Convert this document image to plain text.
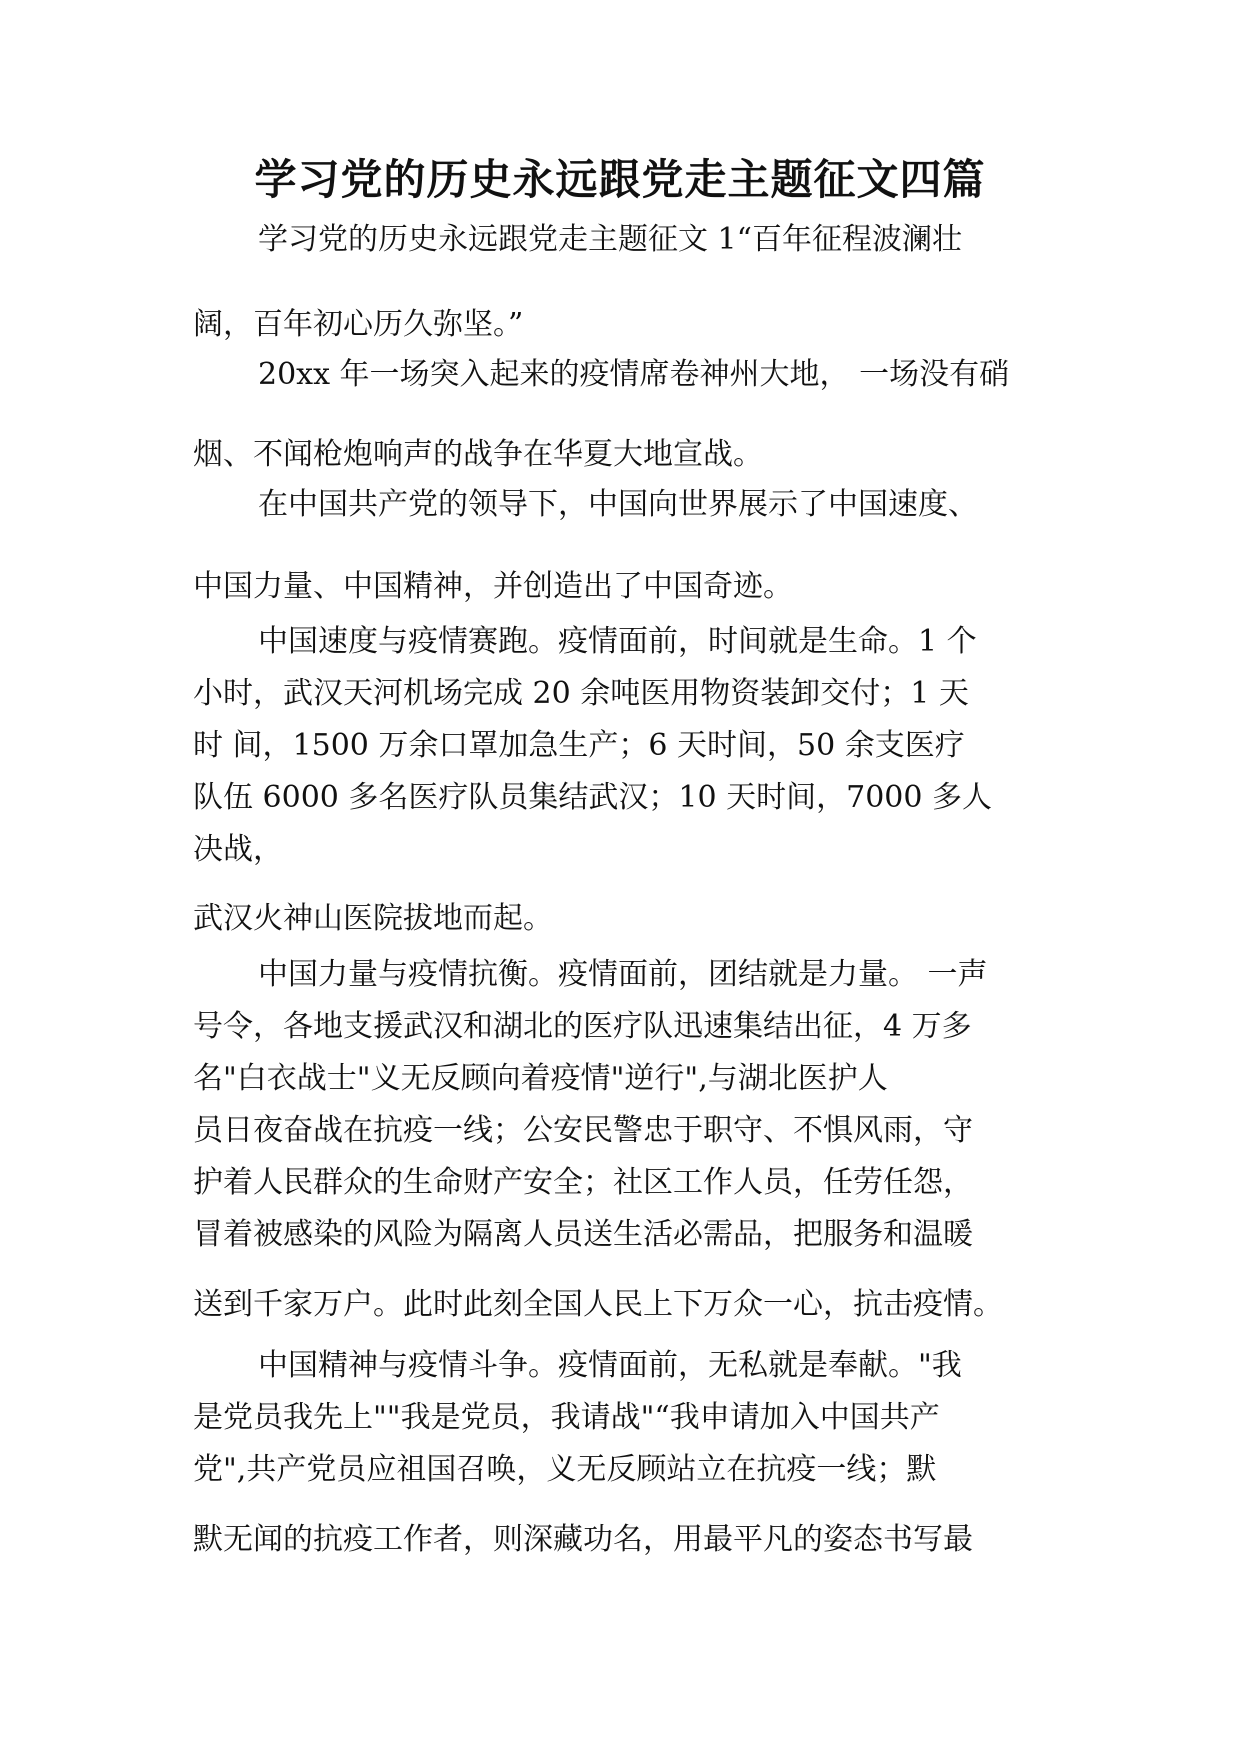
学习党的历史永远跟党走主题征文四篇
学习党的历史永远跟党走主题征文 1“百年征程波澜壮
阔，百年初心历久弥坚。”
20xx 年一场突入起来的疫情席卷神州大地， 一场没有硝
烟、不闻枪炮响声的战争在华夏大地宣战。
在中国共产党的领导下，中国向世界展示了中国速度、
中国力量、中国精神，并创造出了中国奇迹。
中国速度与疫情赛跑。疫情面前，时间就是生命。1 个
小时，武汉天河机场完成 20 余吨医用物资装卸交付；1 天
时 间，1500 万余口罩加急生产；6 天时间，50 余支医疗
队伍 6000 多名医疗队员集结武汉；10 天时间，7000 多人
决战，
武汉火神山医院拔地而起。
中国力量与疫情抗衡。疫情面前，团结就是力量。 一声
号令，各地支援武汉和湖北的医疗队迅速集结出征，4 万多
名"白衣战士"义无反顾向着疫情"逆行",与湖北医护人
员日夜奋战在抗疫一线；公安民警忠于职守、不惧风雨，守
护着人民群众的生命财产安全；社区工作人员，任劳任怨，
冒着被感染的风险为隔离人员送生活必需品，把服务和温暖
送到千家万户。此时此刻全国人民上下万众一心，抗击疫情。
中国精神与疫情斗争。疫情面前，无私就是奉献。"我
是党员我先上""我是党员，我请战"“我申请加入中国共产
党",共产党员应祖国召唤，义无反顾站立在抗疫一线；默
默无闻的抗疫工作者，则深藏功名，用最平凡的姿态书写最
